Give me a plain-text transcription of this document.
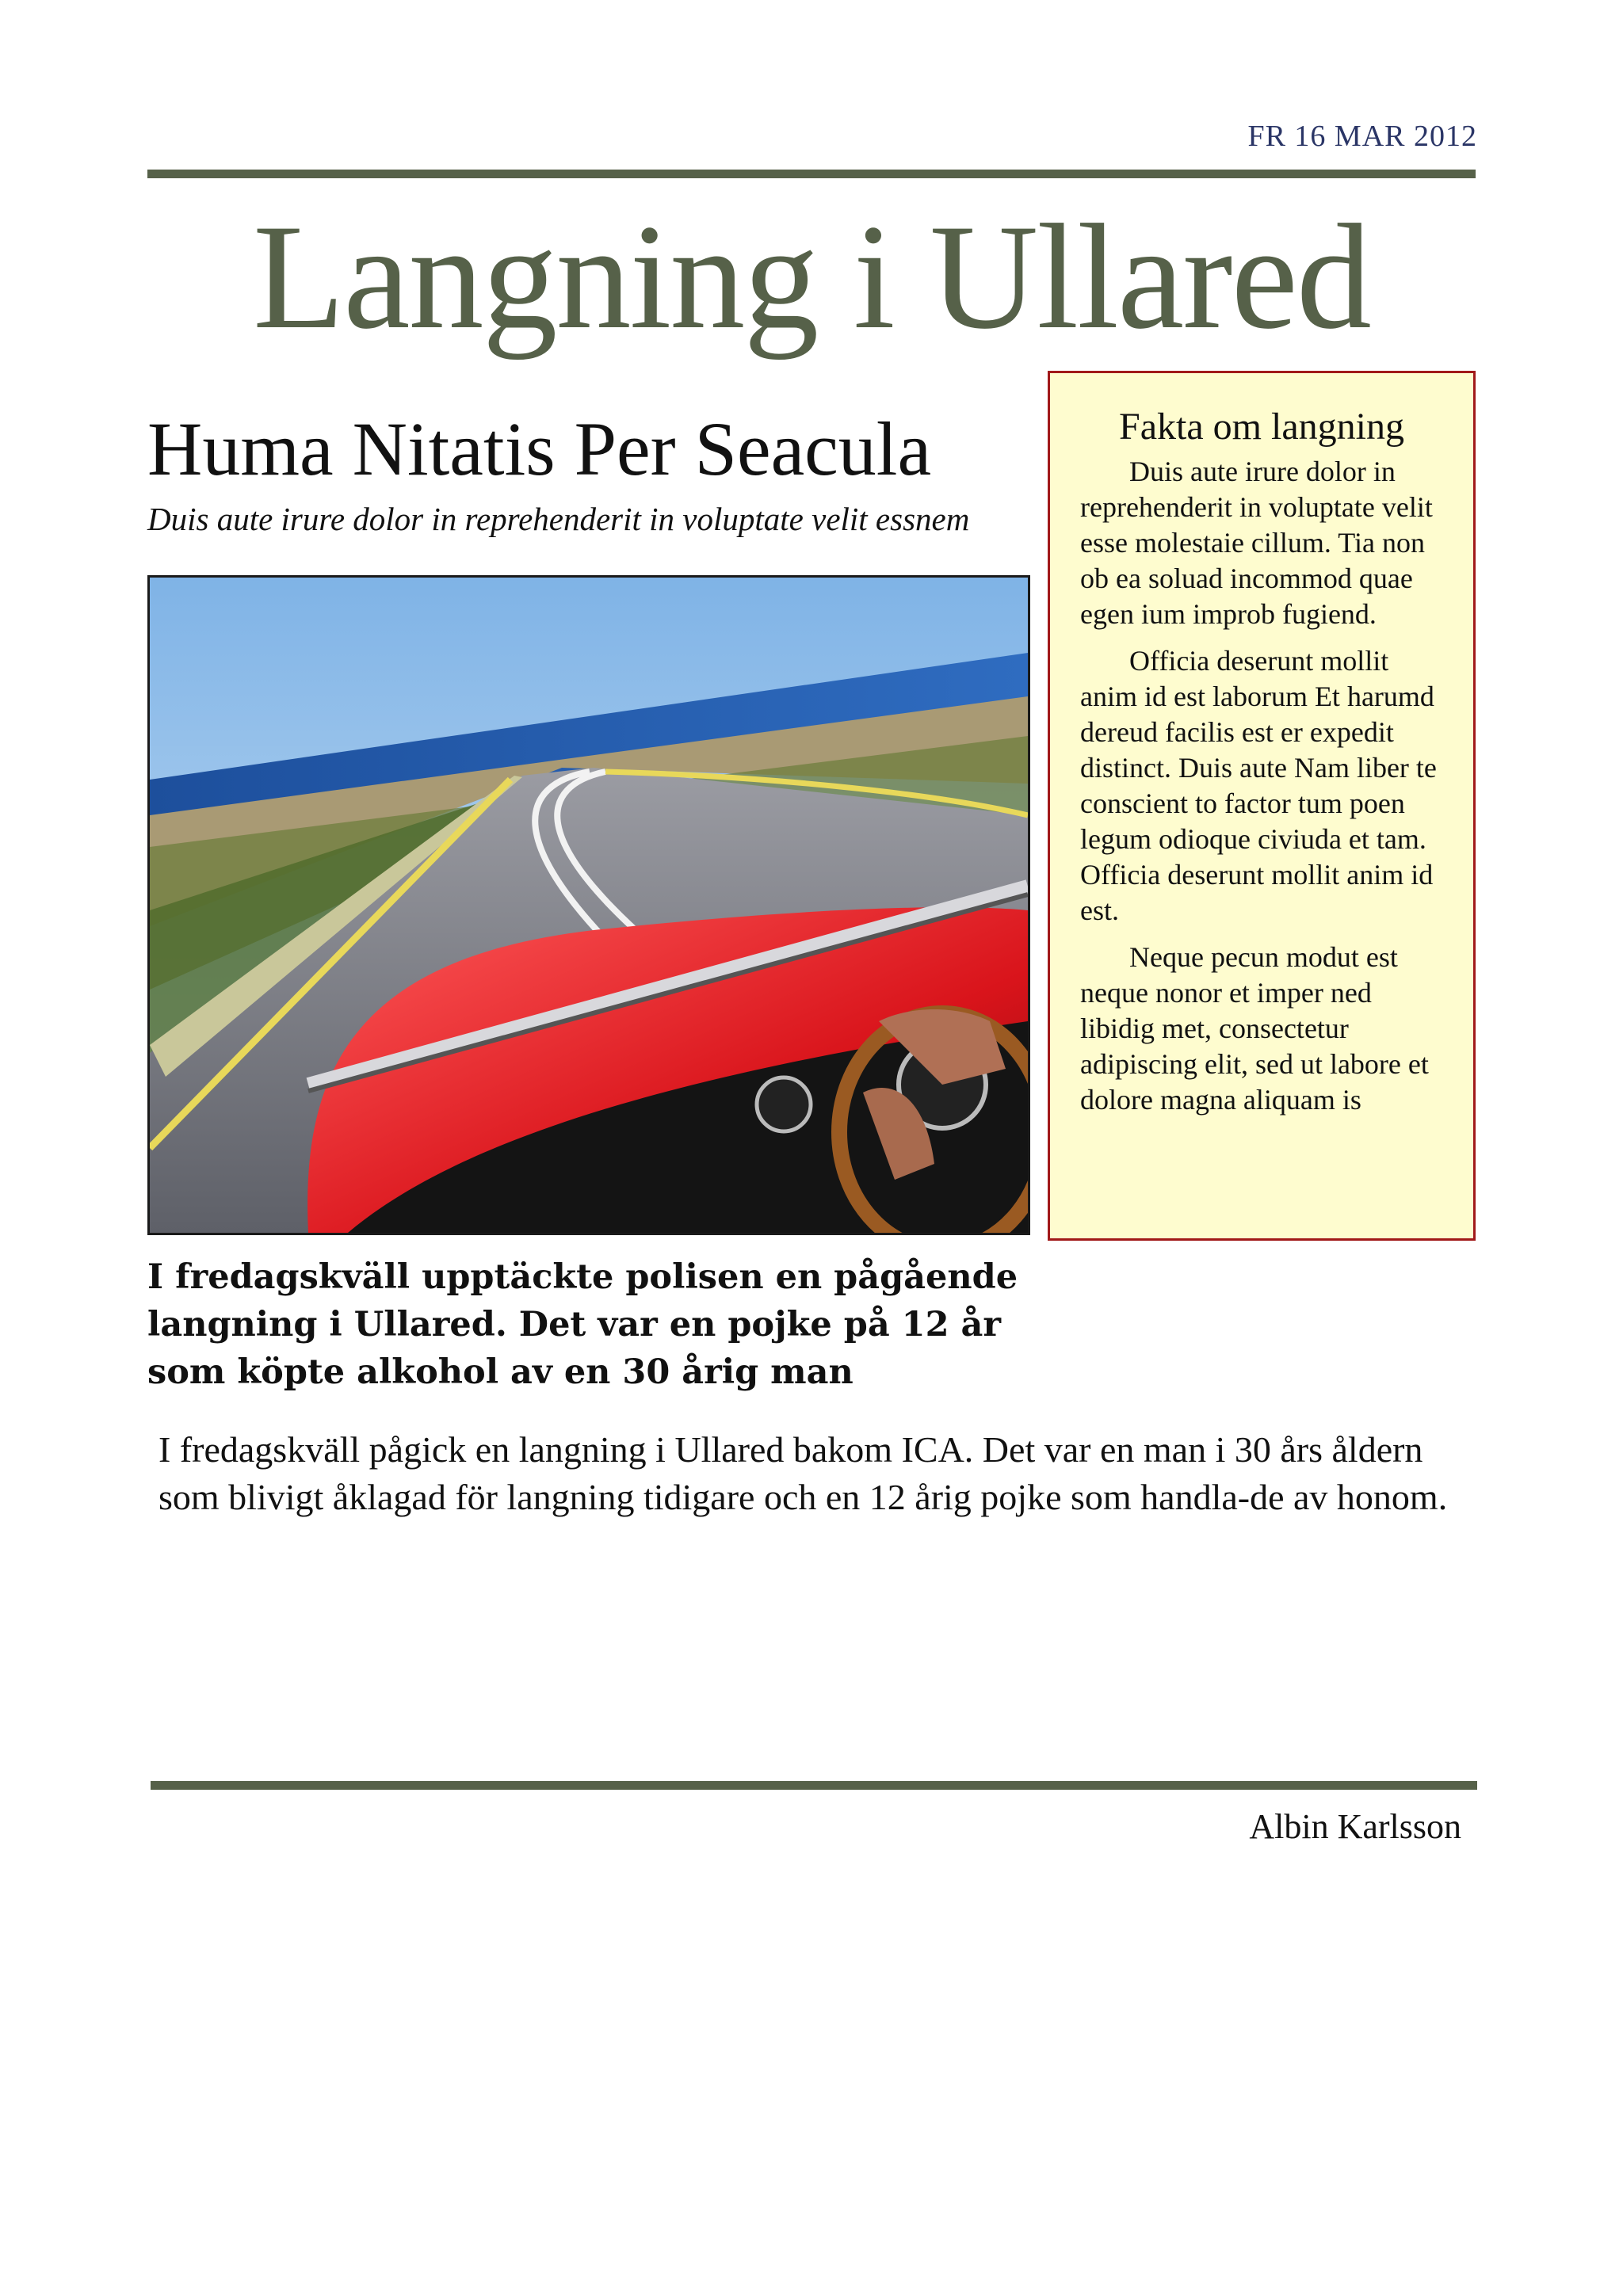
FR 16 MAR 2012
Langning i Ullared
Huma Nitatis Per Seacula
Duis aute irure dolor in reprehenderit in voluptate velit essnem
Fakta om langning

Duis aute irure dolor in reprehenderit in voluptate velit esse molestaie cillum. Tia non ob ea soluad incommod quae egen ium improb fugiend.

Officia deserunt mollit anim id est laborum Et harumd dereud facilis est er expedit distinct. Duis aute Nam liber te conscient to factor tum poen legum odioque civiuda et tam. Officia deserunt mollit anim id est.

Neque pecun modut est neque nonor et imper ned libidig met, consectetur adipiscing elit, sed ut labore et dolore magna aliquam is

I fredagskväll upptäckte polisen en pågående langning i Ullared. Det var en pojke på 12 år som köpte alkohol av en 30 årig man
I fredagskväll pågick en langning i Ullared bakom ICA. Det var en man i 30 års åldern som blivigt åklagad för langning tidigare och en 12 årig pojke som handla-de av honom.
Albin Karlsson
